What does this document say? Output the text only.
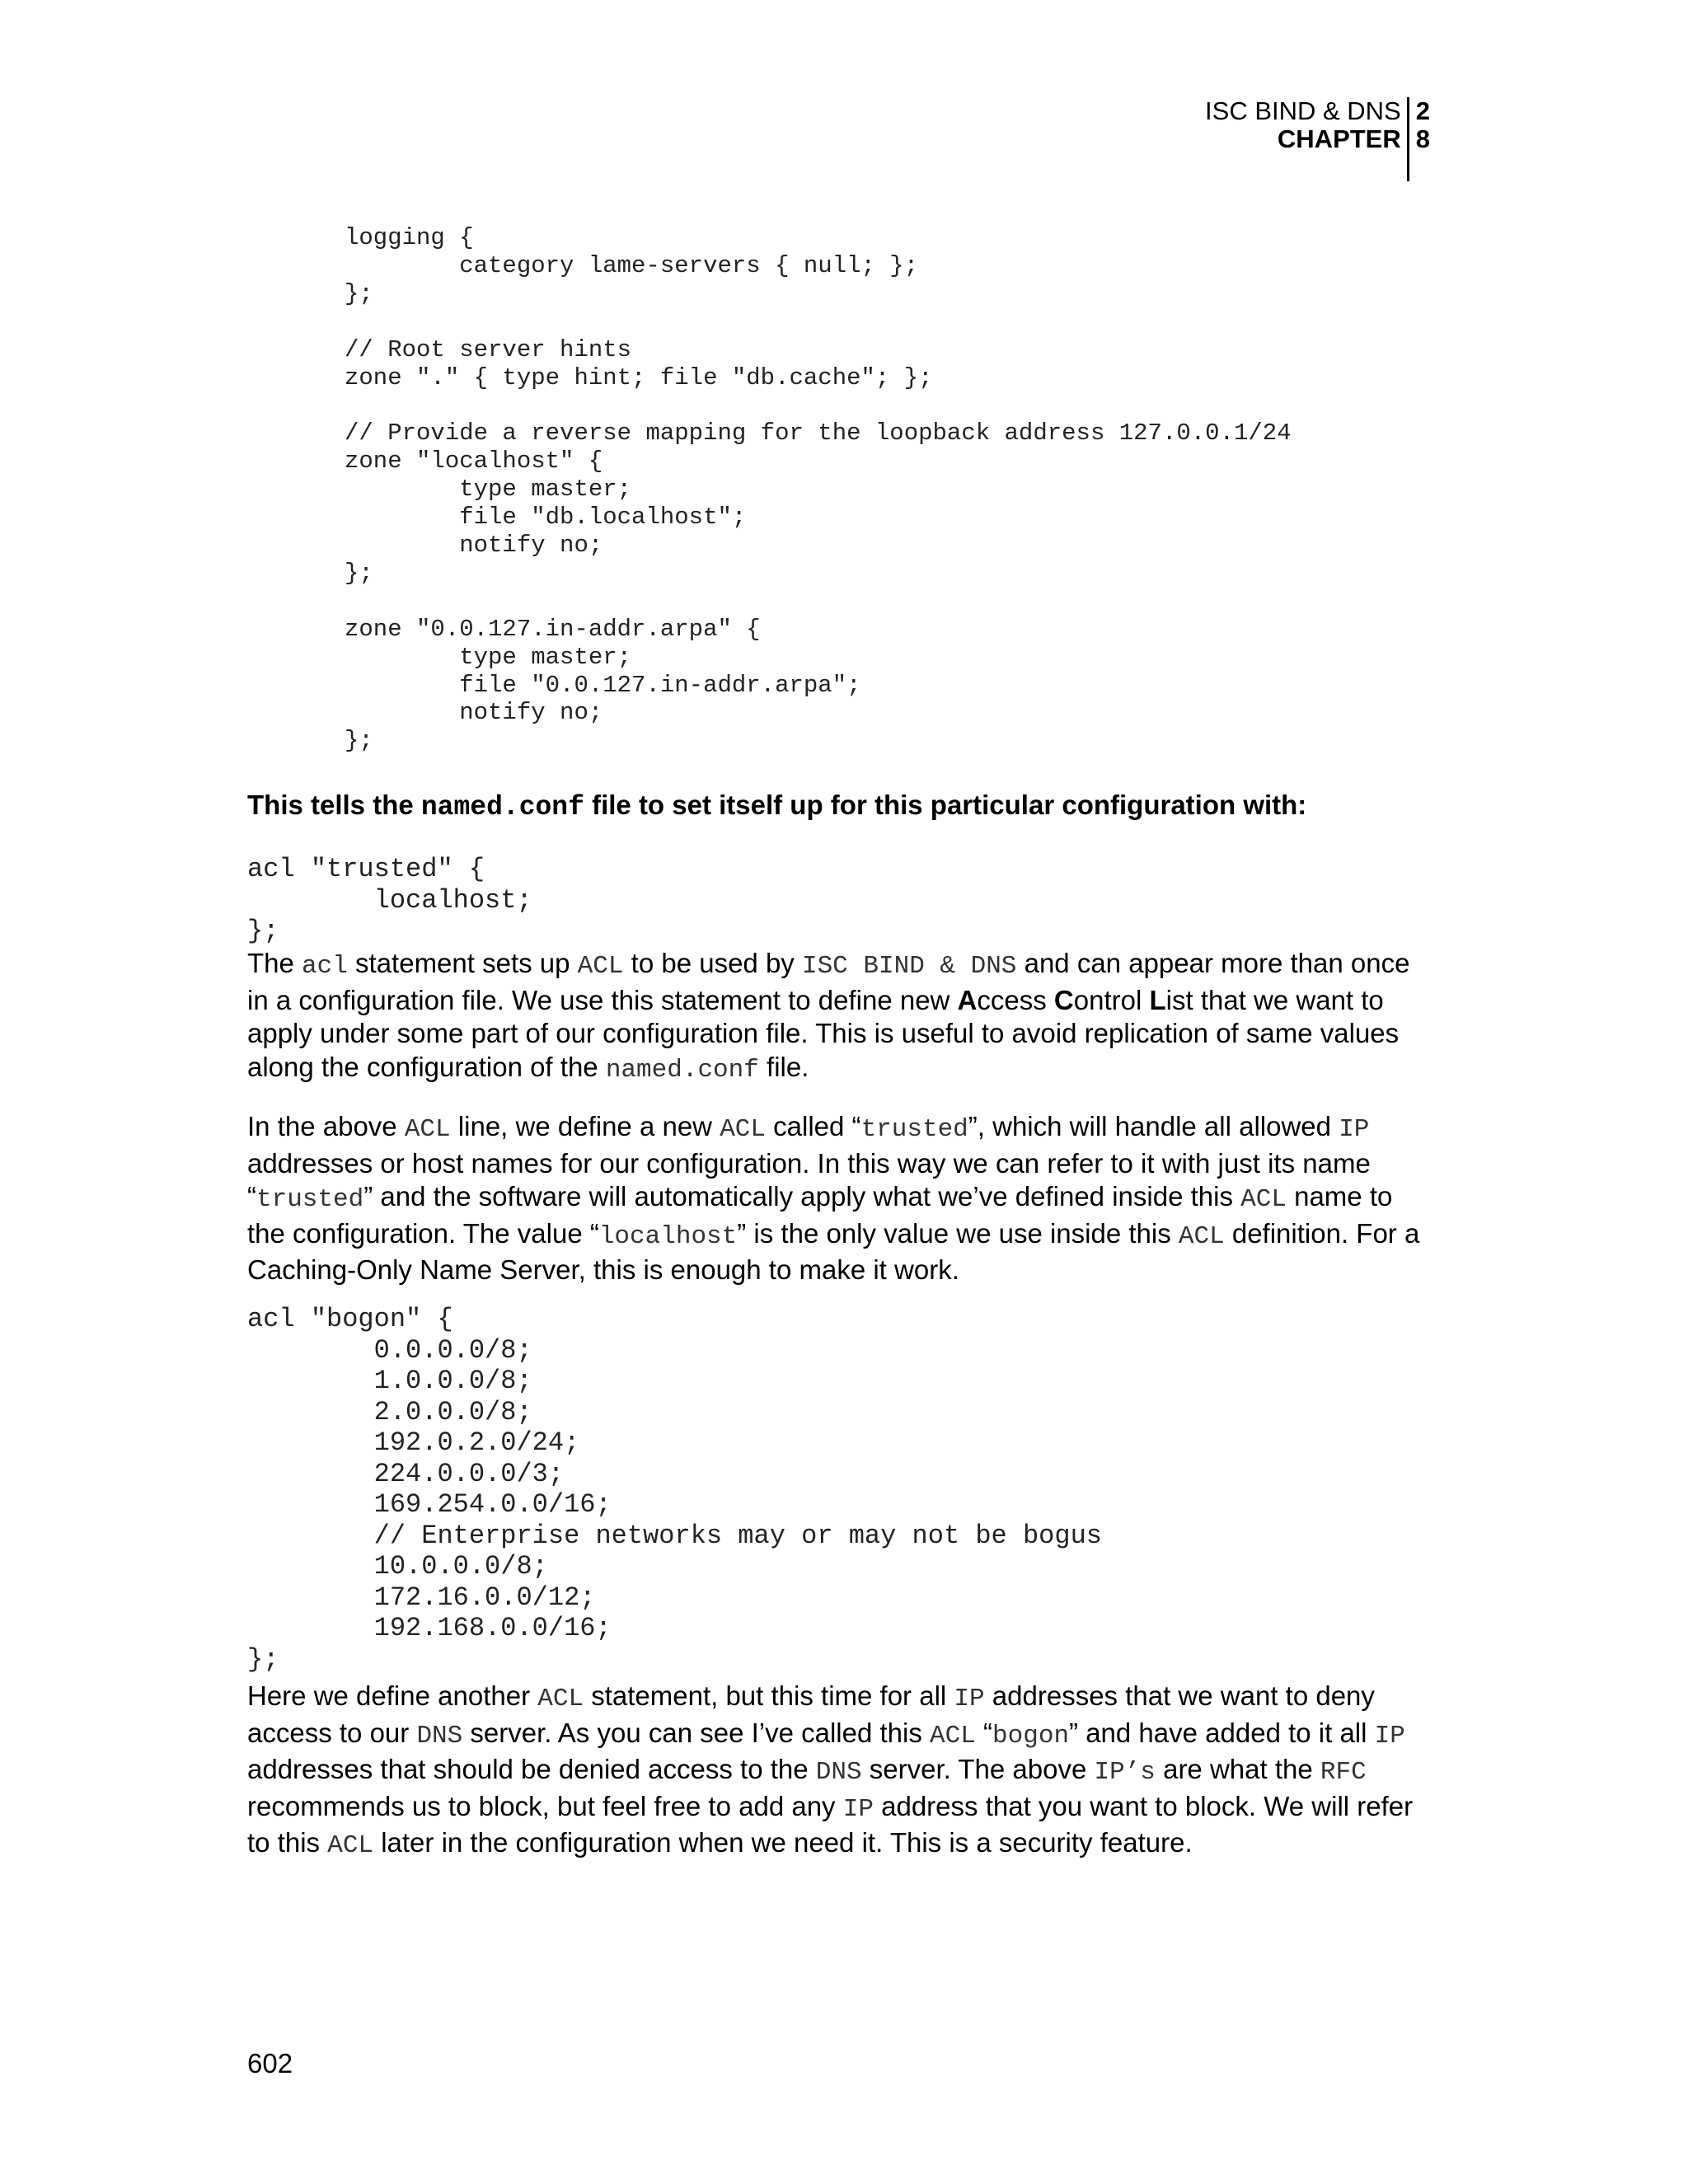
ISC BIND & DNS	2
CHAPTER	8

logging {
category lame-servers { null; };
};

// Root server hints
zone "." { type hint; file "db.cache"; };

// Provide a reverse mapping for the loopback address 127.0.0.1/24
zone "localhost" {
type master;
file "db.localhost";
notify no;
};

zone "0.0.127.in-addr.arpa" {
type master;
file "0.0.127.in-addr.arpa";
notify no;
};
This tells the named.conf file to set itself up for this particular configuration with:
acl "trusted" {
localhost;
};
The acl statement sets up ACL to be used by ISC BIND & DNS and can appear more than once in a configuration file. We use this statement to define new Access Control List that we want to apply under some part of our configuration file. This is useful to avoid replication of same values along the configuration of the named.conf file.
In the above ACL line, we define a new ACL called “trusted”, which will handle all allowed IP addresses or host names for our configuration. In this way we can refer to it with just its name “trusted” and the software will automatically apply what we’ve defined inside this ACL name to the configuration. The value “localhost” is the only value we use inside this ACL definition. For a Caching-Only Name Server, this is enough to make it work.
acl "bogon" {
0.0.0.0/8;
1.0.0.0/8;
2.0.0.0/8;
192.0.2.0/24;
224.0.0.0/3;
169.254.0.0/16;
// Enterprise networks may or may not be bogus
10.0.0.0/8;
172.16.0.0/12;
192.168.0.0/16;
};
Here we define another ACL statement, but this time for all IP addresses that we want to deny access to our DNS server. As you can see I’ve called this ACL “bogon” and have added to it all IP addresses that should be denied access to the DNS server. The above IP’s are what the RFC recommends us to block, but feel free to add any IP address that you want to block. We will refer to this ACL later in the configuration when we need it. This is a security feature.
602
